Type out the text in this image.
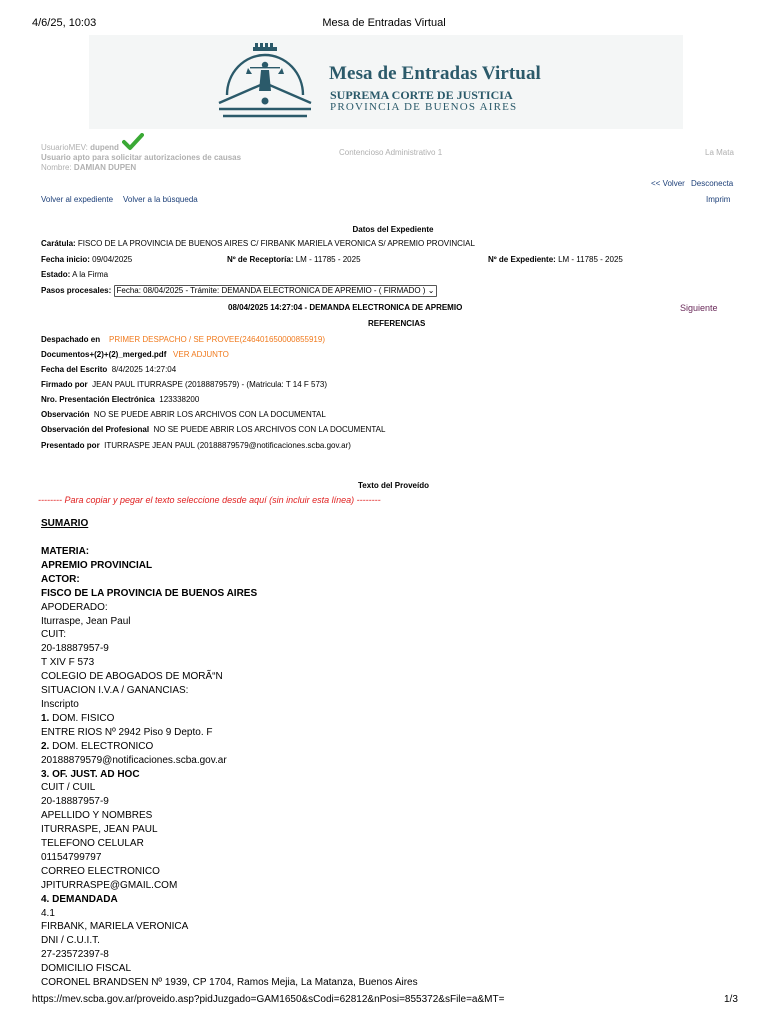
4/6/25, 10:03	Mesa de Entradas Virtual
Mesa de Entradas Virtual
SUPREMA CORTE DE JUSTICIA
PROVINCIA DE BUENOS AIRES
UsuarioMEV: dupend
Usuario apto para solicitar autorizaciones de causas
Nombre: DAMIAN DUPEN
Contencioso Administrativo 1	La Mata
<< Volver Desconecta
Volver al expediente Volver a la búsqueda	Imprim
Datos del Expediente
Carátula: FISCO DE LA PROVINCIA DE BUENOS AIRES C/ FIRBANK MARIELA VERONICA S/ APREMIO PROVINCIAL
Fecha inicio: 09/04/2025	Nº de Receptoría: LM - 11785 - 2025	Nº de Expediente: LM - 11785 - 2025
Estado: A la Firma
Pasos procesales: Fecha: 08/04/2025 - Trámite: DEMANDA ELECTRONICA DE APREMIO - ( FIRMADO ) ⌄
08/04/2025 14:27:04 - DEMANDA ELECTRONICA DE APREMIO	Siguiente
REFERENCIAS
Despachado en PRIMER DESPACHO / SE PROVEE(246401650000855919)
Documentos+(2)+(2)_merged.pdf VER ADJUNTO
Fecha del Escrito 8/4/2025 14:27:04
Firmado por JEAN PAUL ITURRASPE (20188879579) - (Matricula: T 14 F 573)
Nro. Presentación Electrónica 123338200
Observación NO SE PUEDE ABRIR LOS ARCHIVOS CON LA DOCUMENTAL
Observación del Profesional NO SE PUEDE ABRIR LOS ARCHIVOS CON LA DOCUMENTAL
Presentado por ITURRASPE JEAN PAUL (20188879579@notificaciones.scba.gov.ar)
Texto del Proveído
-------- Para copiar y pegar el texto seleccione desde aquí (sin incluir esta línea) --------
SUMARIO
MATERIA:
APREMIO PROVINCIAL
ACTOR:
FISCO DE LA PROVINCIA DE BUENOS AIRES
APODERADO:
Iturraspe, Jean Paul
CUIT:
20-18887957-9
T XIV F 573
COLEGIO DE ABOGADOS DE MORÃ“N
SITUACION I.V.A / GANANCIAS:
Inscripto
1. DOM. FISICO
ENTRE RIOS Nº 2942 Piso 9 Depto. F
2. DOM. ELECTRONICO
20188879579@notificaciones.scba.gov.ar
3. OF. JUST. AD HOC
CUIT / CUIL
20-18887957-9
APELLIDO Y NOMBRES
ITURRASPE, JEAN PAUL
TELEFONO CELULAR
01154799797
CORREO ELECTRONICO
JPITURRASPE@GMAIL.COM
4. DEMANDADA
4.1
FIRBANK, MARIELA VERONICA
DNI / C.U.I.T.
27-23572397-8
DOMICILIO FISCAL
CORONEL BRANDSEN Nº 1939, CP 1704, Ramos Mejia, La Matanza, Buenos Aires
https://mev.scba.gov.ar/proveido.asp?pidJuzgado=GAM1650&sCodi=62812&nPosi=855372&sFile=a&MT=	1/3
